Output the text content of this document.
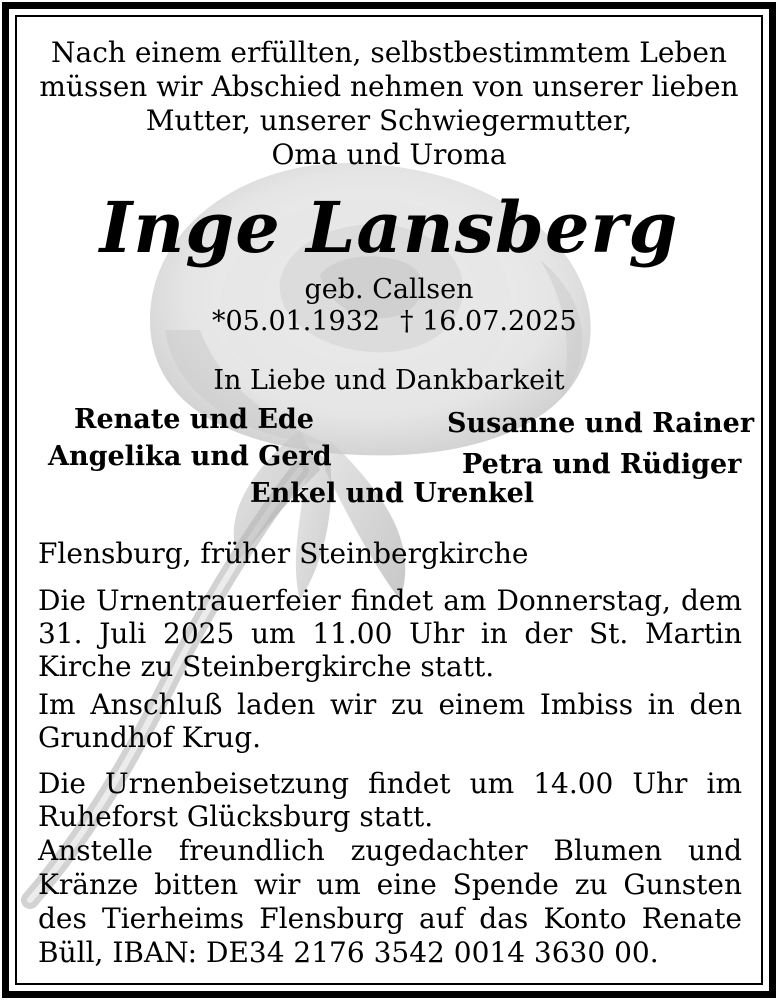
Nach einem erfüllten, selbstbestimmtem Leben
müssen wir Abschied nehmen von unserer lieben
Mutter, unserer Schwiegermutter,
Oma und Uroma
Inge Lansberg
geb. Callsen
*05.01.1932 † 16.07.2025
In Liebe und Dankbarkeit
Renate und Ede
Angelika und Gerd
Susanne und Rainer
Petra und Rüdiger
Enkel und Urenkel
Flensburg, früher Steinbergkirche
Die Urnentrauerfeier findet am Donnerstag, dem
31. Juli 2025 um 11.00 Uhr in der St. Martin
Kirche zu Steinbergkirche statt.
Im Anschluß laden wir zu einem Imbiss in den
Grundhof Krug.
Die Urnenbeisetzung findet um 14.00 Uhr im
Ruheforst Glücksburg statt.
Anstelle freundlich zugedachter Blumen und
Kränze bitten wir um eine Spende zu Gunsten
des Tierheims Flensburg auf das Konto Renate
Büll, IBAN: DE34 2176 3542 0014 3630 00.
